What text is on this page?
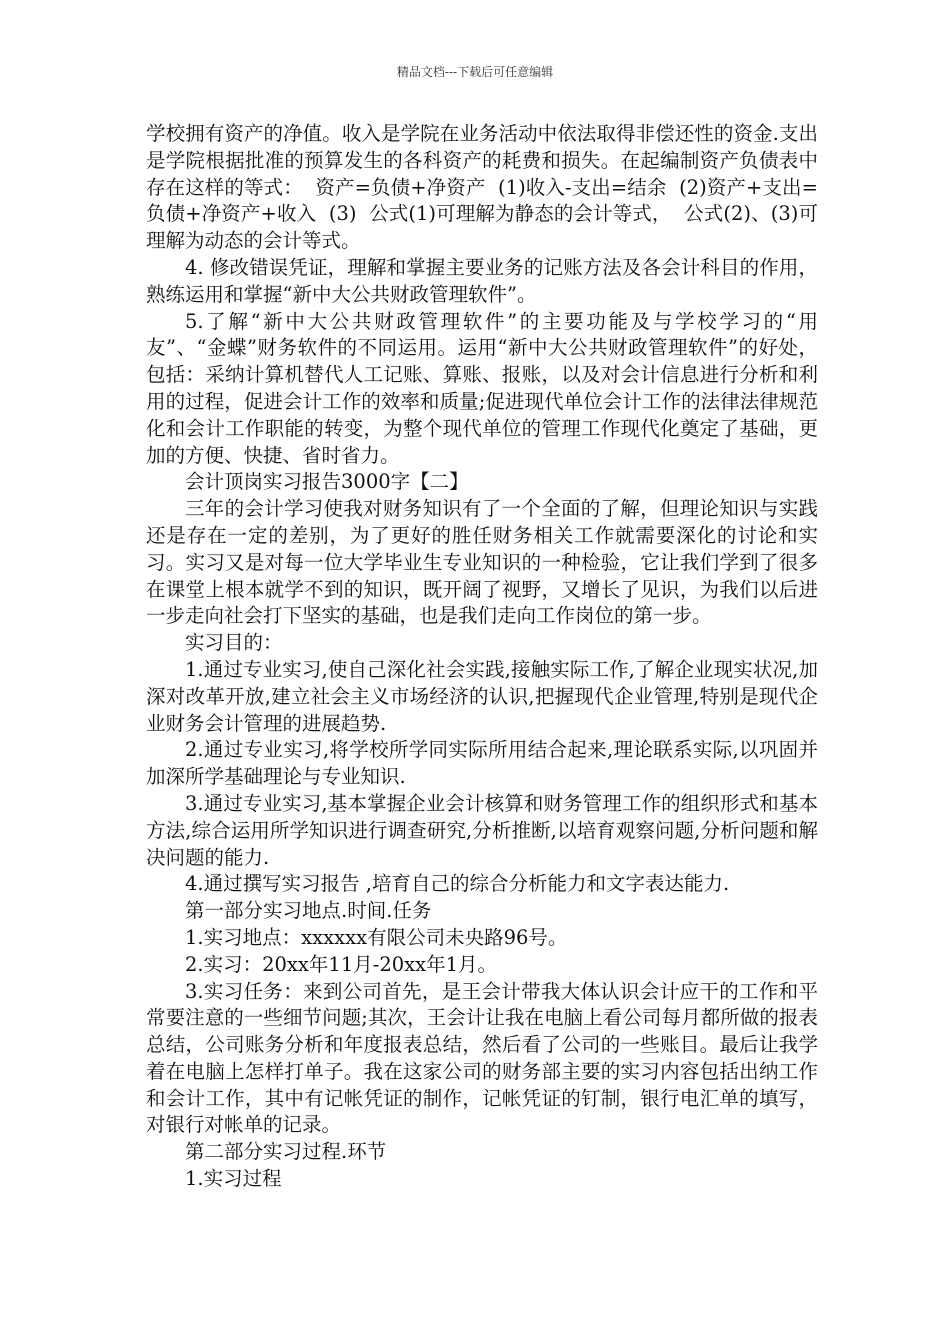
精品文档---下载后可任意编辑

学校拥有资产的净值。收入是学院在业务活动中依法取得非偿还性的资金.支出是学院根据批准的预算发生的各科资产的耗费和损失。在起编制资产负债表中存在这样的等式：  资产=负债+净资产  (1)收入-支出=结余  (2)资产+支出=负债+净资产+收入  (3)  公式(1)可理解为静态的会计等式，  公式(2)、(3)可理解为动态的会计等式。

4. 修改错误凭证，理解和掌握主要业务的记账方法及各会计科目的作用，熟练运用和掌握“新中大公共财政管理软件”。

5.了解“新中大公共财政管理软件”的主要功能及与学校学习的“用友”、“金蝶”财务软件的不同运用。运用“新中大公共财政管理软件”的好处，包括：采纳计算机替代人工记账、算账、报账，以及对会计信息进行分析和利用的过程，促进会计工作的效率和质量;促进现代单位会计工作的法律法律规范化和会计工作职能的转变，为整个现代单位的管理工作现代化奠定了基础，更加的方便、快捷、省时省力。

会计顶岗实习报告3000字【二】

三年的会计学习使我对财务知识有了一个全面的了解，但理论知识与实践还是存在一定的差别，为了更好的胜任财务相关工作就需要深化的讨论和实习。实习又是对每一位大学毕业生专业知识的一种检验，它让我们学到了很多在课堂上根本就学不到的知识，既开阔了视野，又增长了见识，为我们以后进一步走向社会打下坚实的基础，也是我们走向工作岗位的第一步。

实习目的：

1.通过专业实习,使自己深化社会实践,接触实际工作,了解企业现实状况,加深对改革开放,建立社会主义市场经济的认识,把握现代企业管理,特别是现代企业财务会计管理的进展趋势.

2.通过专业实习,将学校所学同实际所用结合起来,理论联系实际,以巩固并加深所学基础理论与专业知识.

3.通过专业实习,基本掌握企业会计核算和财务管理工作的组织形式和基本方法,综合运用所学知识进行调查研究,分析推断,以培育观察问题,分析问题和解决问题的能力.

4.通过撰写实习报告 ,培育自己的综合分析能力和文字表达能力.

第一部分实习地点.时间.任务

1.实习地点：xxxxxx有限公司未央路96号。

2.实习：20xx年11月-20xx年1月。

3.实习任务：来到公司首先，是王会计带我大体认识会计应干的工作和平常要注意的一些细节问题;其次，王会计让我在电脑上看公司每月都所做的报表总结，公司账务分析和年度报表总结，然后看了公司的一些账目。最后让我学着在电脑上怎样打单子。我在这家公司的财务部主要的实习内容包括出纳工作和会计工作，其中有记帐凭证的制作，记帐凭证的钉制，银行电汇单的填写，对银行对帐单的记录。

第二部分实习过程.环节

1.实习过程
